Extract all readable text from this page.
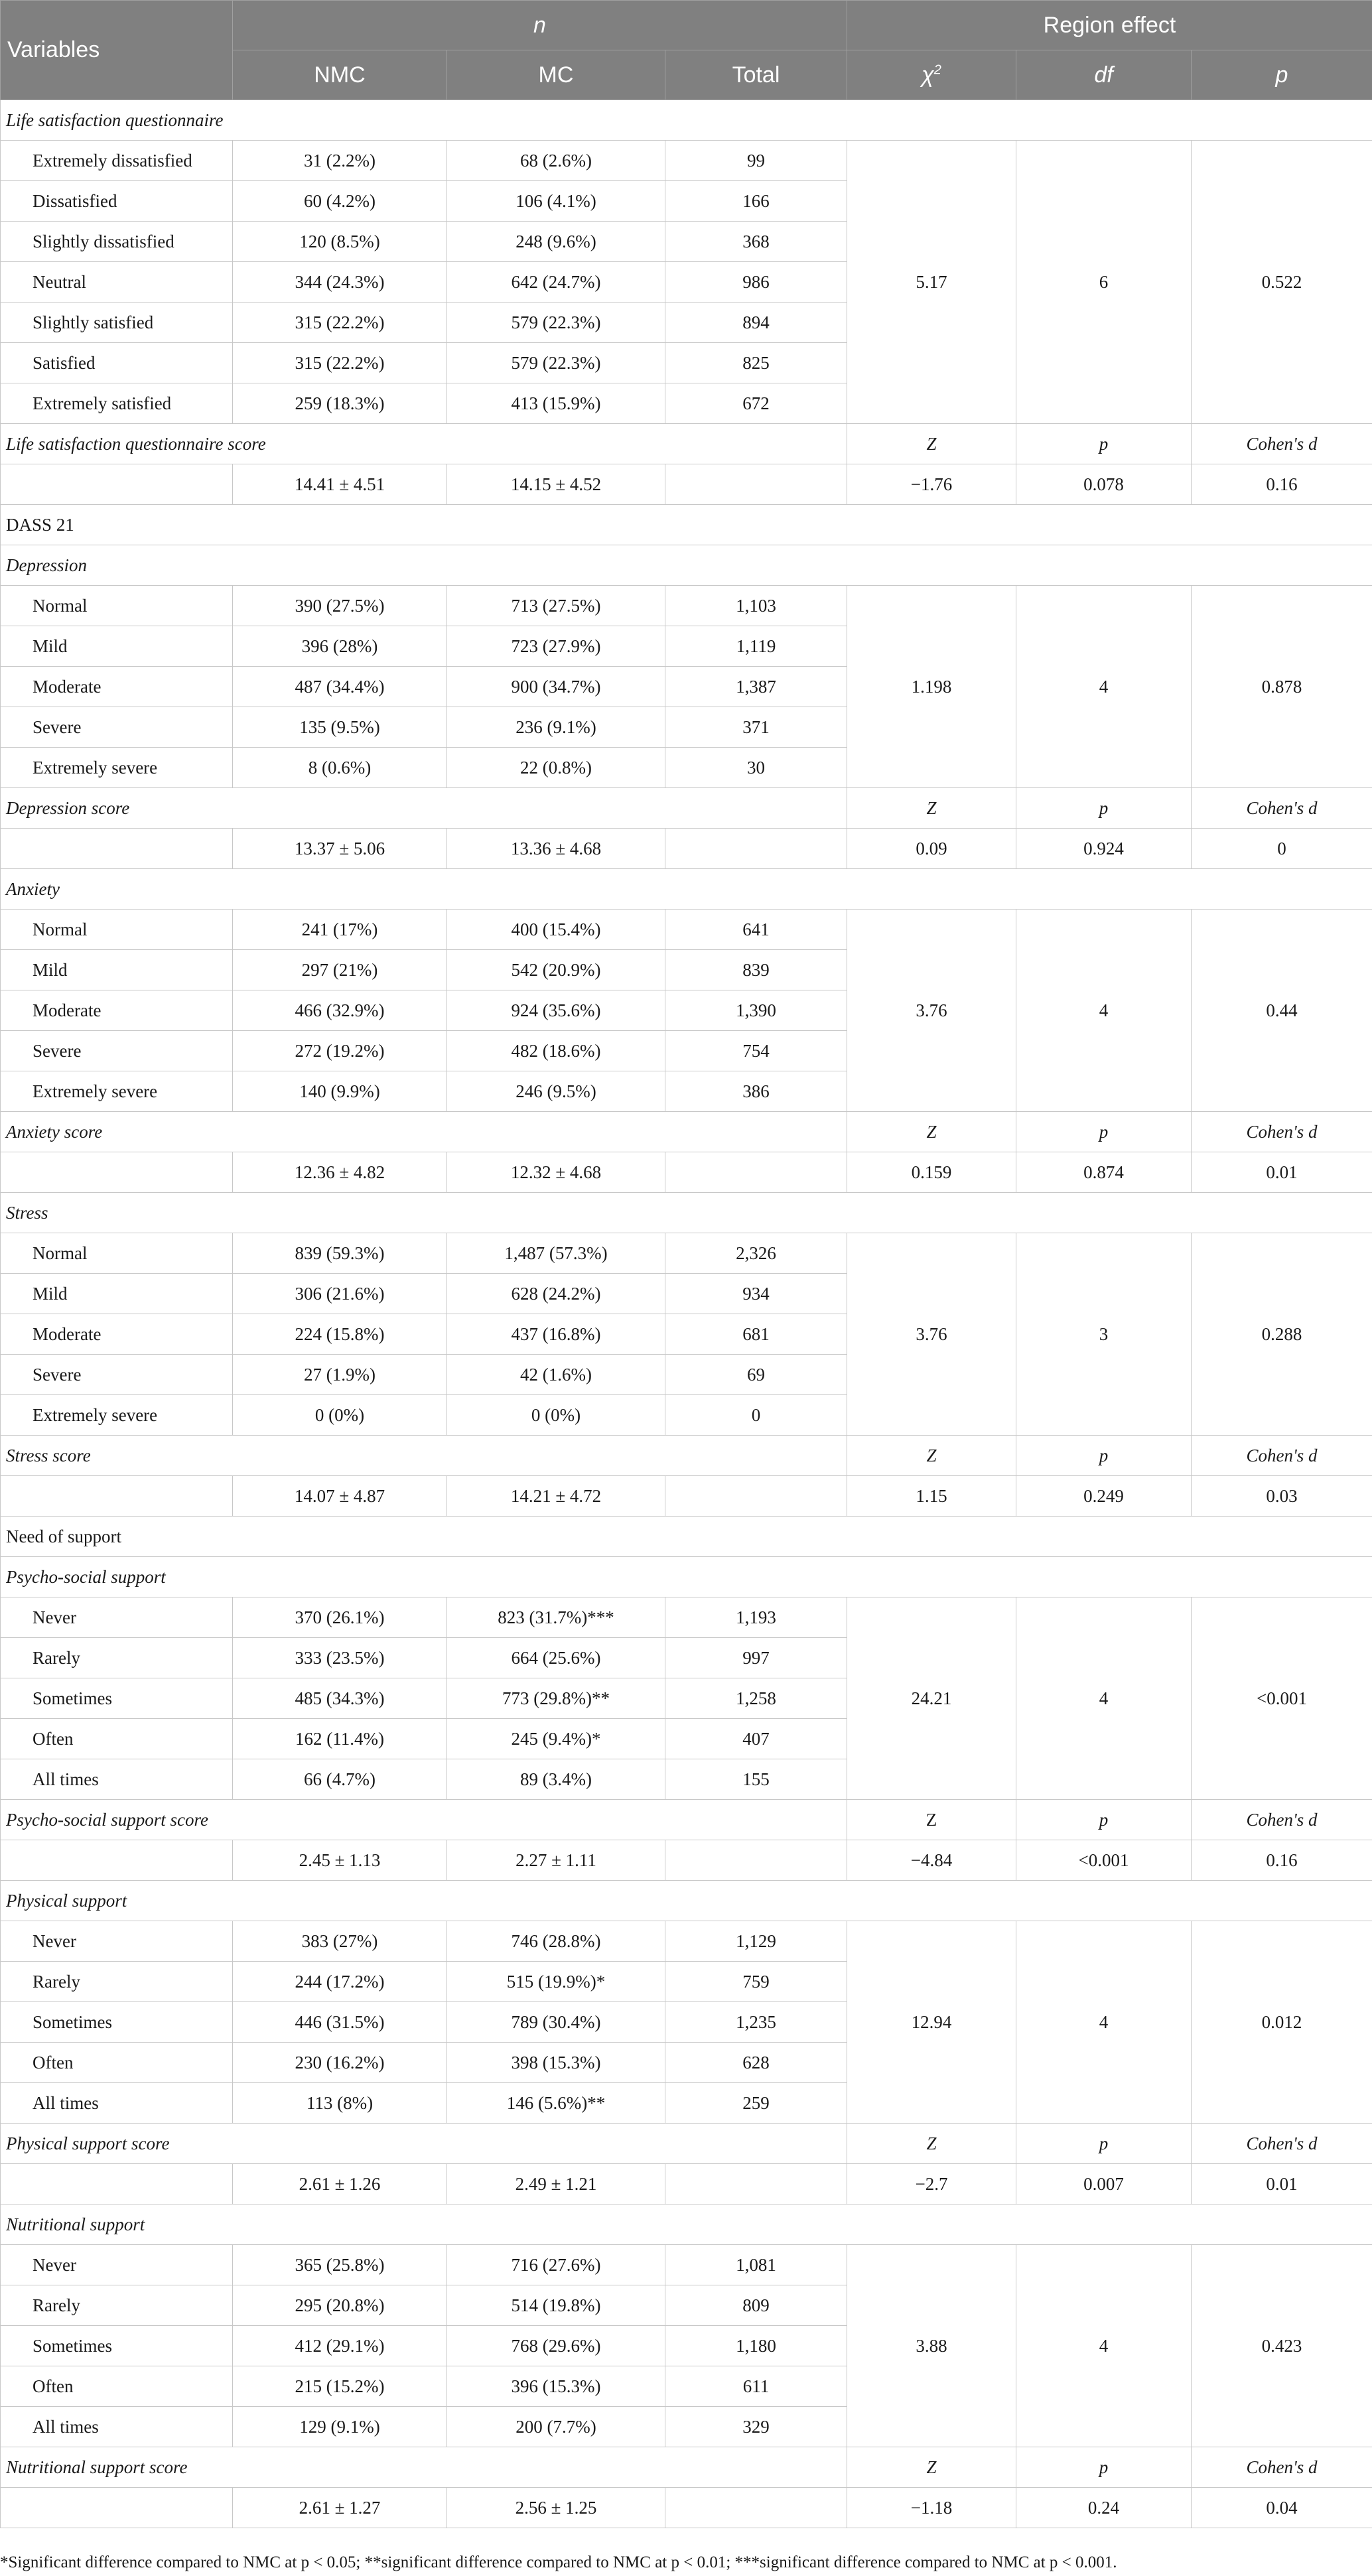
Variables	n			Region effect		
	NMC	MC	Total	$\chi^2$	df	p
Life satisfaction questionnaire						
Extremely dissatisfied	31 (2.2%)	68 (2.6%)	99	5.17	6	0.522
Dissatisfied	60 (4.2%)	106 (4.1%)	166			
Slightly dissatisfied	120 (8.5%)	248 (9.6%)	368			
Neutral	344 (24.3%)	642 (24.7%)	986			
Slightly satisfied	315 (22.2%)	579 (22.3%)	894			
Satisfied	315 (22.2%)	579 (22.3%)	825			
Extremely satisfied	259 (18.3%)	413 (15.9%)	672			
Life satisfaction questionnaire score				Z	p	Cohen's d
	14.41 ± 4.51	14.15 ± 4.52		−1.76	0.078	0.16
DASS 21						
Depression						
Normal	390 (27.5%)	713 (27.5%)	1,103	1.198	4	0.878
Mild	396 (28%)	723 (27.9%)	1,119			
Moderate	487 (34.4%)	900 (34.7%)	1,387			
Severe	135 (9.5%)	236 (9.1%)	371			
Extremely severe	8 (0.6%)	22 (0.8%)	30			
Depression score				Z	p	Cohen's d
	13.37 ± 5.06	13.36 ± 4.68		0.09	0.924	0
Anxiety						
Normal	241 (17%)	400 (15.4%)	641	3.76	4	0.44
Mild	297 (21%)	542 (20.9%)	839			
Moderate	466 (32.9%)	924 (35.6%)	1,390			
Severe	272 (19.2%)	482 (18.6%)	754			
Extremely severe	140 (9.9%)	246 (9.5%)	386			
Anxiety score				Z	p	Cohen's d
	12.36 ± 4.82	12.32 ± 4.68		0.159	0.874	0.01
Stress						
Normal	839 (59.3%)	1,487 (57.3%)	2,326	3.76	3	0.288
Mild	306 (21.6%)	628 (24.2%)	934			
Moderate	224 (15.8%)	437 (16.8%)	681			
Severe	27 (1.9%)	42 (1.6%)	69			
Extremely severe	0 (0%)	0 (0%)	0			
Stress score				Z	p	Cohen's d
	14.07 ± 4.87	14.21 ± 4.72		1.15	0.249	0.03
Need of support						
Psycho-social support						
Never	370 (26.1%)	823 (31.7%)***	1,193	24.21	4	<0.001
Rarely	333 (23.5%)	664 (25.6%)	997			
Sometimes	485 (34.3%)	773 (29.8%)**	1,258			
Often	162 (11.4%)	245 (9.4%)*	407			
All times	66 (4.7%)	89 (3.4%)	155			
Psycho-social support score				Z	p	Cohen's d
	2.45 ± 1.13	2.27 ± 1.11		−4.84	<0.001	0.16
Physical support						
Never	383 (27%)	746 (28.8%)	1,129	12.94	4	0.012
Rarely	244 (17.2%)	515 (19.9%)*	759			
Sometimes	446 (31.5%)	789 (30.4%)	1,235			
Often	230 (16.2%)	398 (15.3%)	628			
All times	113 (8%)	146 (5.6%)**	259			
Physical support score				Z	p	Cohen's d
	2.61 ± 1.26	2.49 ± 1.21		−2.7	0.007	0.01
Nutritional support						
Never	365 (25.8%)	716 (27.6%)	1,081	3.88	4	0.423
Rarely	295 (20.8%)	514 (19.8%)	809			
Sometimes	412 (29.1%)	768 (29.6%)	1,180			
Often	215 (15.2%)	396 (15.3%)	611			
All times	129 (9.1%)	200 (7.7%)	329			
Nutritional support score				Z	p	Cohen's d
	2.61 ± 1.27	2.56 ± 1.25		−1.18	0.24	0.04
*Significant difference compared to NMC at p < 0.05; **significant difference compared to NMC at p < 0.01; ***significant difference compared to NMC at p < 0.001.
